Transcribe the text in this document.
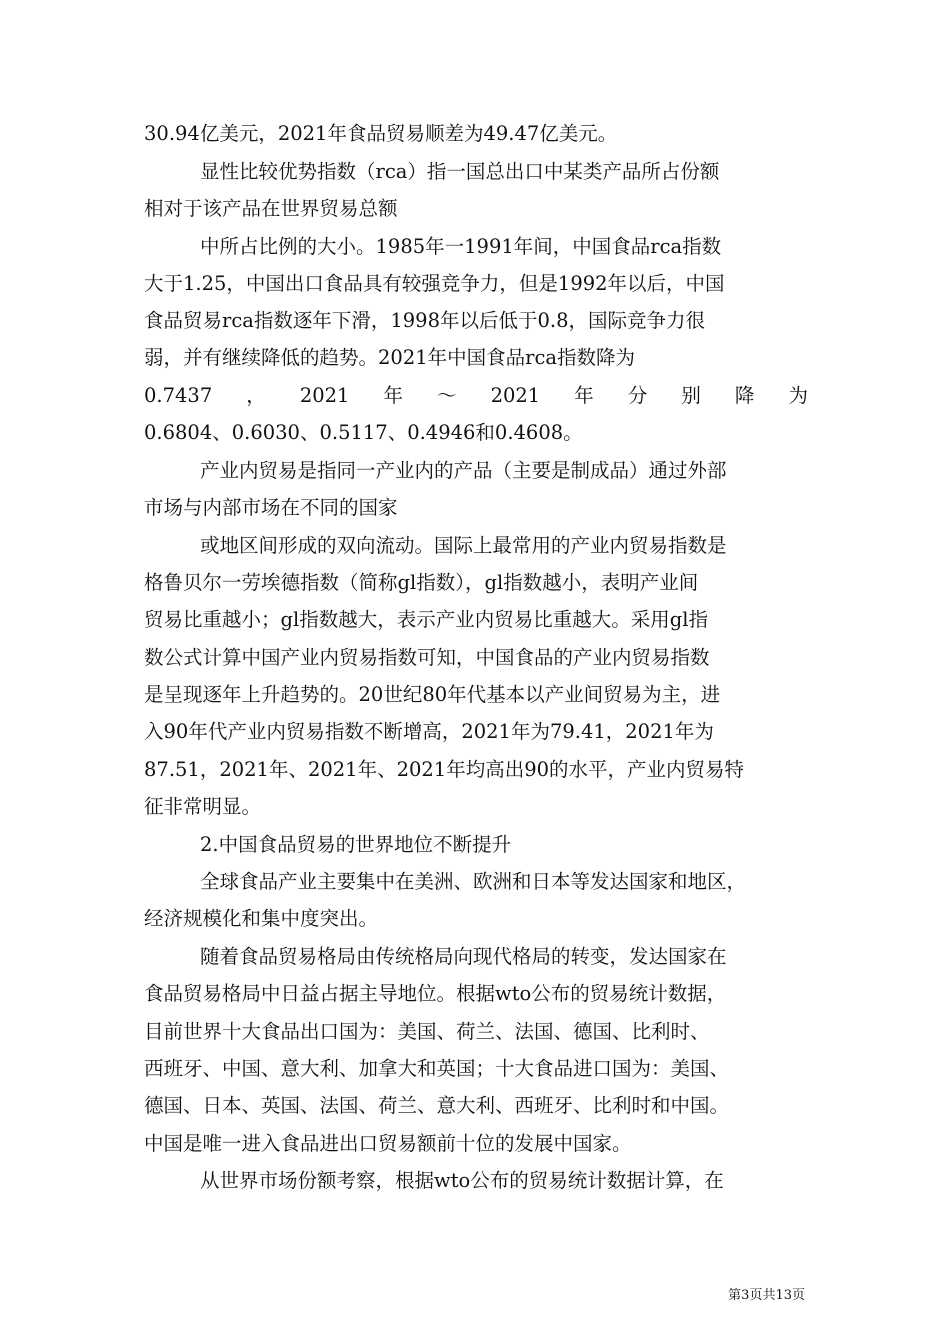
30.94亿美元，2021年食品贸易顺差为49.47亿美元。
显性比较优势指数（rca）指一国总出口中某类产品所占份额
相对于该产品在世界贸易总额
中所占比例的大小。1985年一1991年间，中国食品rca指数
大于1.25，中国出口食品具有较强竞争力，但是1992年以后，中国
食品贸易rca指数逐年下滑，1998年以后低于0.8，国际竞争力很
弱，并有继续降低的趋势。2021年中国食品rca指数降为
0.7437 ， 2021 年 ～ 2021 年 分 别 降 为
0.6804、0.6030、0.5117、0.4946和0.4608。
产业内贸易是指同一产业内的产品（主要是制成品）通过外部
市场与内部市场在不同的国家
或地区间形成的双向流动。国际上最常用的产业内贸易指数是
格鲁贝尔一劳埃德指数（简称gl指数），gl指数越小，表明产业间
贸易比重越小；gl指数越大，表示产业内贸易比重越大。采用gl指
数公式计算中国产业内贸易指数可知，中国食品的产业内贸易指数
是呈现逐年上升趋势的。20世纪80年代基本以产业间贸易为主，进
入90年代产业内贸易指数不断增高，2021年为79.41，2021年为
87.51，2021年、2021年、2021年均高出90的水平，产业内贸易特
征非常明显。
2.中国食品贸易的世界地位不断提升
全球食品产业主要集中在美洲、欧洲和日本等发达国家和地区，
经济规模化和集中度突出。
随着食品贸易格局由传统格局向现代格局的转变，发达国家在
食品贸易格局中日益占据主导地位。根据wto公布的贸易统计数据，
目前世界十大食品出口国为：美国、荷兰、法国、德国、比利时、
西班牙、中国、意大利、加拿大和英国；十大食品进口国为：美国、
德国、日本、英国、法国、荷兰、意大利、西班牙、比利时和中国。
中国是唯一进入食品进出口贸易额前十位的发展中国家。
从世界市场份额考察，根据wto公布的贸易统计数据计算，在
第3页共13页
